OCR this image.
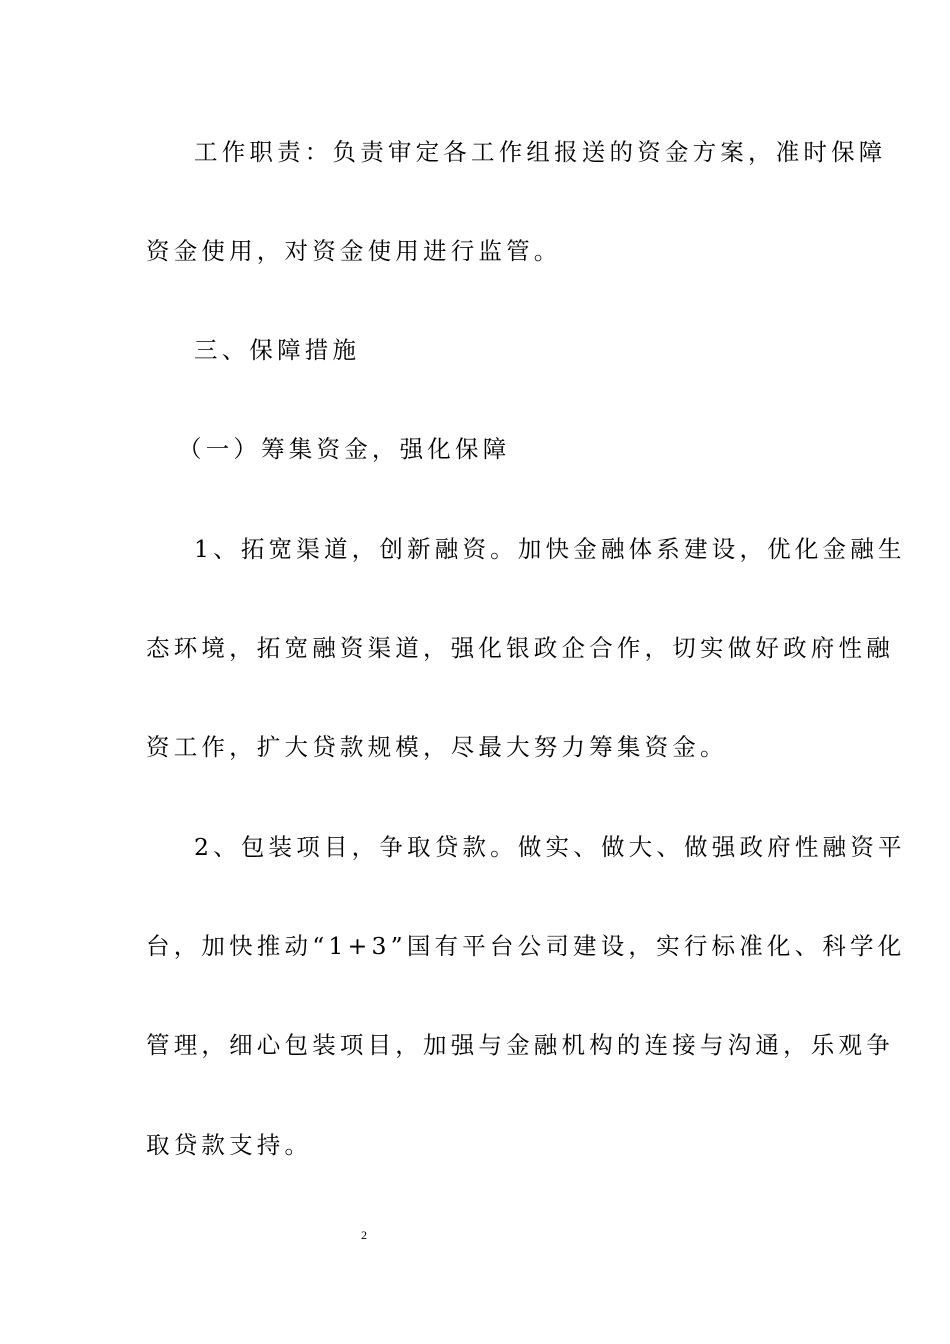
工作职责：负责审定各工作组报送的资金方案，准时保障
资金使用，对资金使用进行监管。
三、保障措施
（一）筹集资金，强化保障
1、拓宽渠道，创新融资。加快金融体系建设，优化金融生
态环境，拓宽融资渠道，强化银政企合作，切实做好政府性融
资工作，扩大贷款规模，尽最大努力筹集资金。
2、包装项目，争取贷款。做实、做大、做强政府性融资平
台，加快推动“1+3”国有平台公司建设，实行标准化、科学化
管理，细心包装项目，加强与金融机构的连接与沟通，乐观争
取贷款支持。
2
